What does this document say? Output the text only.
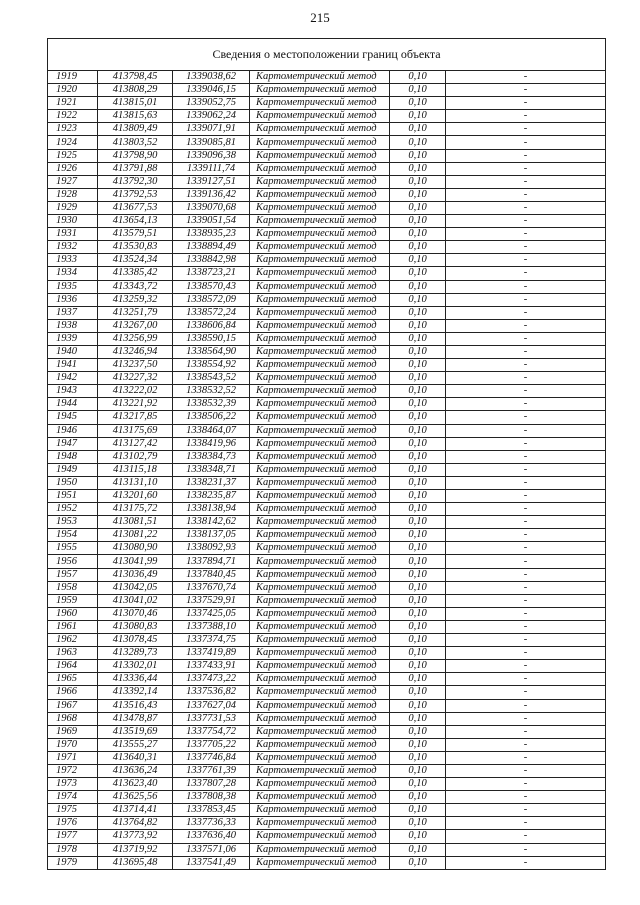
215
Сведения о местоположении границ объекта					
1919	413798,45	1339038,62	Картометрический метод	0,10	-
1920	413808,29	1339046,15	Картометрический метод	0,10	-
1921	413815,01	1339052,75	Картометрический метод	0,10	-
1922	413815,63	1339062,24	Картометрический метод	0,10	-
1923	413809,49	1339071,91	Картометрический метод	0,10	-
1924	413803,52	1339085,81	Картометрический метод	0,10	-
1925	413798,90	1339096,38	Картометрический метод	0,10	-
1926	413791,88	1339111,74	Картометрический метод	0,10	-
1927	413792,30	1339127,51	Картометрический метод	0,10	-
1928	413792,53	1339136,42	Картометрический метод	0,10	-
1929	413677,53	1339070,68	Картометрический метод	0,10	-
1930	413654,13	1339051,54	Картометрический метод	0,10	-
1931	413579,51	1338935,23	Картометрический метод	0,10	-
1932	413530,83	1338894,49	Картометрический метод	0,10	-
1933	413524,34	1338842,98	Картометрический метод	0,10	-
1934	413385,42	1338723,21	Картометрический метод	0,10	-
1935	413343,72	1338570,43	Картометрический метод	0,10	-
1936	413259,32	1338572,09	Картометрический метод	0,10	-
1937	413251,79	1338572,24	Картометрический метод	0,10	-
1938	413267,00	1338606,84	Картометрический метод	0,10	-
1939	413256,99	1338590,15	Картометрический метод	0,10	-
1940	413246,94	1338564,90	Картометрический метод	0,10	-
1941	413237,50	1338554,92	Картометрический метод	0,10	-
1942	413227,32	1338543,52	Картометрический метод	0,10	-
1943	413222,02	1338532,52	Картометрический метод	0,10	-
1944	413221,92	1338532,39	Картометрический метод	0,10	-
1945	413217,85	1338506,22	Картометрический метод	0,10	-
1946	413175,69	1338464,07	Картометрический метод	0,10	-
1947	413127,42	1338419,96	Картометрический метод	0,10	-
1948	413102,79	1338384,73	Картометрический метод	0,10	-
1949	413115,18	1338348,71	Картометрический метод	0,10	-
1950	413131,10	1338231,37	Картометрический метод	0,10	-
1951	413201,60	1338235,87	Картометрический метод	0,10	-
1952	413175,72	1338138,94	Картометрический метод	0,10	-
1953	413081,51	1338142,62	Картометрический метод	0,10	-
1954	413081,22	1338137,05	Картометрический метод	0,10	-
1955	413080,90	1338092,93	Картометрический метод	0,10	-
1956	413041,99	1337894,71	Картометрический метод	0,10	-
1957	413036,49	1337840,45	Картометрический метод	0,10	-
1958	413042,05	1337670,74	Картометрический метод	0,10	-
1959	413041,02	1337529,91	Картометрический метод	0,10	-
1960	413070,46	1337425,05	Картометрический метод	0,10	-
1961	413080,83	1337388,10	Картометрический метод	0,10	-
1962	413078,45	1337374,75	Картометрический метод	0,10	-
1963	413289,73	1337419,89	Картометрический метод	0,10	-
1964	413302,01	1337433,91	Картометрический метод	0,10	-
1965	413336,44	1337473,22	Картометрический метод	0,10	-
1966	413392,14	1337536,82	Картометрический метод	0,10	-
1967	413516,43	1337627,04	Картометрический метод	0,10	-
1968	413478,87	1337731,53	Картометрический метод	0,10	-
1969	413519,69	1337754,72	Картометрический метод	0,10	-
1970	413555,27	1337705,22	Картометрический метод	0,10	-
1971	413640,31	1337746,84	Картометрический метод	0,10	-
1972	413636,24	1337761,39	Картометрический метод	0,10	-
1973	413623,40	1337807,28	Картометрический метод	0,10	-
1974	413625,56	1337808,38	Картометрический метод	0,10	-
1975	413714,41	1337853,45	Картометрический метод	0,10	-
1976	413764,82	1337736,33	Картометрический метод	0,10	-
1977	413773,92	1337636,40	Картометрический метод	0,10	-
1978	413719,92	1337571,06	Картометрический метод	0,10	-
1979	413695,48	1337541,49	Картометрический метод	0,10	-
